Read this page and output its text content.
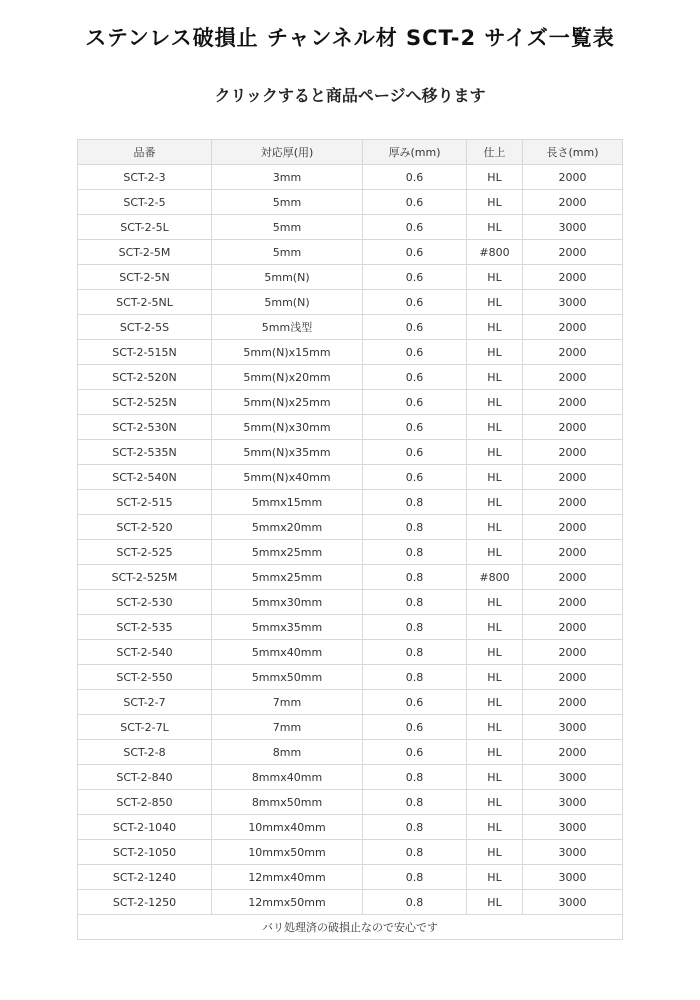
ステンレス破損止 チャンネル材 SCT-2 サイズ一覧表
クリックすると商品ページへ移ります
品番	対応厚(用)	厚み(mm)	仕上	長さ(mm)
SCT-2-3	3mm	0.6	HL	2000
SCT-2-5	5mm	0.6	HL	2000
SCT-2-5L	5mm	0.6	HL	3000
SCT-2-5M	5mm	0.6	#800	2000
SCT-2-5N	5mm(N)	0.6	HL	2000
SCT-2-5NL	5mm(N)	0.6	HL	3000
SCT-2-5S	5mm浅型	0.6	HL	2000
SCT-2-515N	5mm(N)x15mm	0.6	HL	2000
SCT-2-520N	5mm(N)x20mm	0.6	HL	2000
SCT-2-525N	5mm(N)x25mm	0.6	HL	2000
SCT-2-530N	5mm(N)x30mm	0.6	HL	2000
SCT-2-535N	5mm(N)x35mm	0.6	HL	2000
SCT-2-540N	5mm(N)x40mm	0.6	HL	2000
SCT-2-515	5mmx15mm	0.8	HL	2000
SCT-2-520	5mmx20mm	0.8	HL	2000
SCT-2-525	5mmx25mm	0.8	HL	2000
SCT-2-525M	5mmx25mm	0.8	#800	2000
SCT-2-530	5mmx30mm	0.8	HL	2000
SCT-2-535	5mmx35mm	0.8	HL	2000
SCT-2-540	5mmx40mm	0.8	HL	2000
SCT-2-550	5mmx50mm	0.8	HL	2000
SCT-2-7	7mm	0.6	HL	2000
SCT-2-7L	7mm	0.6	HL	3000
SCT-2-8	8mm	0.6	HL	2000
SCT-2-840	8mmx40mm	0.8	HL	3000
SCT-2-850	8mmx50mm	0.8	HL	3000
SCT-2-1040	10mmx40mm	0.8	HL	3000
SCT-2-1050	10mmx50mm	0.8	HL	3000
SCT-2-1240	12mmx40mm	0.8	HL	3000
SCT-2-1250	12mmx50mm	0.8	HL	3000
バリ処理済の破損止なので安心です				
